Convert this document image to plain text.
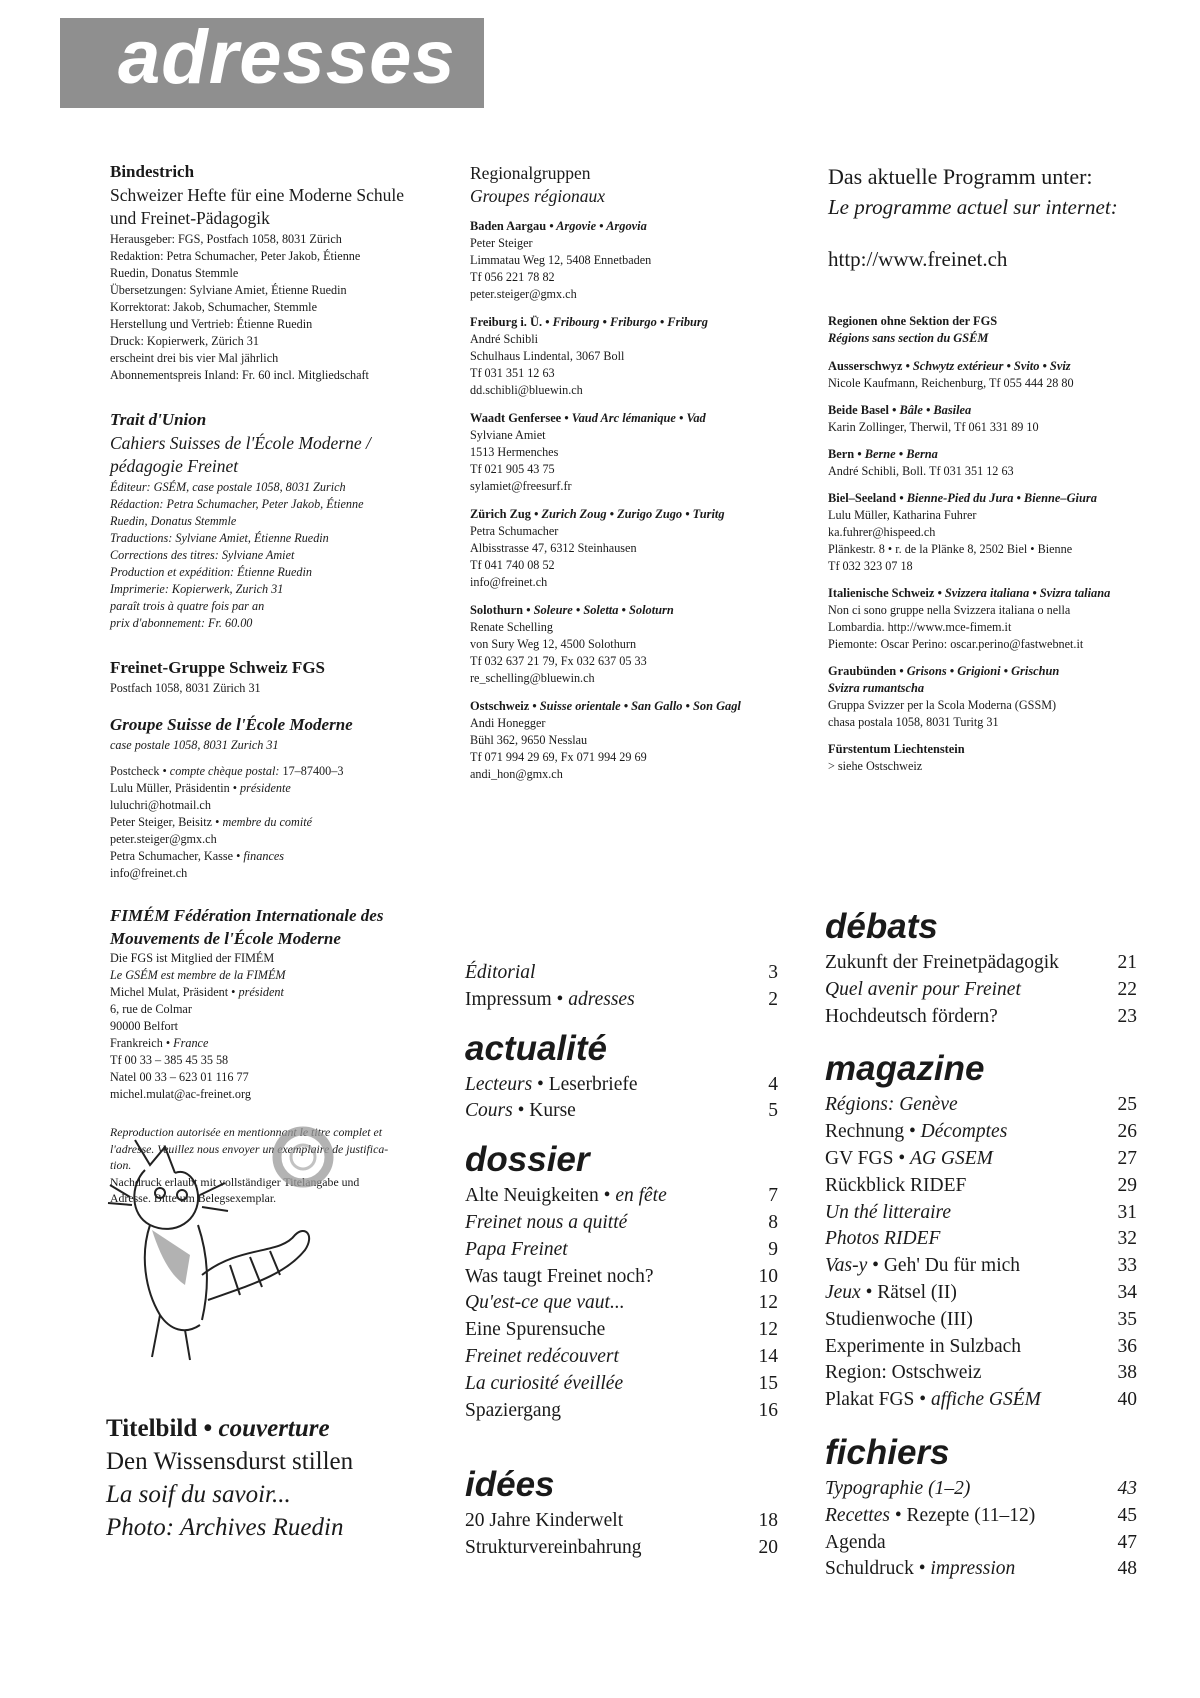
adresses
Bindestrich
Schweizer Hefte für eine Moderne Schule
und Freinet-Pädagogik
Herausgeber: FGS, Postfach 1058, 8031 Zürich
Redaktion: Petra Schumacher, Peter Jakob, Étienne
Ruedin, Donatus Stemmle
Übersetzungen: Sylviane Amiet, Étienne Ruedin
Korrektorat: Jakob, Schumacher, Stemmle
Herstellung und Vertrieb: Étienne Ruedin
Druck: Kopierwerk, Zürich 31
erscheint drei bis vier Mal jährlich
Abonnementspreis Inland: Fr. 60 incl. Mitgliedschaft
Trait d'Union
Cahiers Suisses de l'École Moderne /
pédagogie Freinet
Éditeur: GSÉM, case postale 1058, 8031 Zurich
Rédaction: Petra Schumacher, Peter Jakob, Étienne
Ruedin, Donatus Stemmle
Traductions: Sylviane Amiet, Étienne Ruedin
Corrections des titres: Sylviane Amiet
Production et expédition: Étienne Ruedin
Imprimerie: Kopierwerk, Zurich 31
paraît trois à quatre fois par an
prix d'abonnement: Fr. 60.00
Freinet-Gruppe Schweiz FGS
Postfach 1058, 8031 Zürich 31
Groupe Suisse de l'École Moderne
case postale 1058, 8031 Zurich 31
Postcheck • compte chèque postal: 17–87400–3
Lulu Müller, Präsidentin • présidente
luluchri@hotmail.ch
Peter Steiger, Beisitz • membre du comité
peter.steiger@gmx.ch
Petra Schumacher, Kasse • finances
info@freinet.ch
FIMÉM Fédération Internationale des
Mouvements de l'École Moderne
Die FGS ist Mitglied der FIMÉM
Le GSÉM est membre de la FIMÉM
Michel Mulat, Präsident • président
6, rue de Colmar
90000 Belfort
Frankreich • France
Tf 00 33 – 385 45 35 58
Natel 00 33 – 623 01 116 77
michel.mulat@ac-freinet.org
Reproduction autorisée en mentionnant le titre complet et
l'adresse. Veuillez nous envoyer un exemplaire de justifica-
tion.
Nachdruck erlaubt mit vollständiger Titelangabe und
Adresse. Bitte um Belegsexemplar.
Titelbild • couverture
Den Wissensdurst stillen
La soif du savoir...
Photo: Archives Ruedin
Regionalgruppen
Groupes régionaux
Baden Aargau • Argovie • Argovia
Peter Steiger
Limmatau Weg 12, 5408 Ennetbaden
Tf 056 221 78 82
peter.steiger@gmx.ch
Freiburg i. Ü. • Fribourg • Friburgo • Friburg
André Schibli
Schulhaus Lindental, 3067 Boll
Tf 031 351 12 63
dd.schibli@bluewin.ch
Waadt Genfersee • Vaud Arc lémanique • Vad
Sylviane Amiet
1513 Hermenches
Tf 021 905 43 75
sylamiet@freesurf.fr
Zürich Zug • Zurich Zoug • Zurigo Zugo • Turitg
Petra Schumacher
Albisstrasse 47, 6312 Steinhausen
Tf 041 740 08 52
info@freinet.ch
Solothurn • Soleure • Soletta • Soloturn
Renate Schelling
von Sury Weg 12, 4500 Solothurn
Tf 032 637 21 79, Fx 032 637 05 33
re_schelling@bluewin.ch
Ostschweiz • Suisse orientale • San Gallo • Son Gagl
Andi Honegger
Bühl 362, 9650 Nesslau
Tf 071 994 29 69, Fx 071 994 29 69
andi_hon@gmx.ch
Das aktuelle Programm unter:
Le programme actuel sur internet:
http://www.freinet.ch
Regionen ohne Sektion der FGS
Régions sans section du GSÉM
Ausserschwyz • Schwytz extérieur • Svito • Sviz
Nicole Kaufmann, Reichenburg, Tf 055 444 28 80
Beide Basel • Bâle • Basilea
Karin Zollinger, Therwil, Tf 061 331 89 10
Bern • Berne • Berna
André Schibli, Boll. Tf 031 351 12 63
Biel–Seeland • Bienne-Pied du Jura • Bienne–Giura
Lulu Müller, Katharina Fuhrer
ka.fuhrer@hispeed.ch
Plänkestr. 8 • r. de la Plänke 8, 2502 Biel • Bienne
Tf 032 323 07 18
Italienische Schweiz • Svizzera italiana • Svizra taliana
Non ci sono gruppe nella Svizzera italiana o nella
Lombardia. http://www.mce-fimem.it
Piemonte: Oscar Perino: oscar.perino@fastwebnet.it
Graubünden • Grisons • Grigioni • Grischun
Svizra rumantscha
Gruppa Svizzer per la Scola Moderna (GSSM)
chasa postala 1058, 8031 Turitg 31
Fürstentum Liechtenstein
> siehe Ostschweiz
Éditorial	3
Impressum • adresses	2
actualité
Lecteurs • Leserbriefe	4
Cours • Kurse	5
dossier
Alte Neuigkeiten • en fête	7
Freinet nous a quitté	8
Papa Freinet	9
Was taugt Freinet noch?	10
Qu'est-ce que vaut...	12
Eine Spurensuche	12
Freinet redécouvert	14
La curiosité éveillée	15
Spaziergang	16
idées
20 Jahre Kinderwelt	18
Strukturvereinbahrung	20
débats
Zukunft der Freinetpädagogik	21
Quel avenir pour Freinet	22
Hochdeutsch fördern?	23
magazine
Régions: Genève	25
Rechnung • Décomptes	26
GV FGS • AG GSEM	27
Rückblick RIDEF	29
Un thé litteraire	31
Photos RIDEF	32
Vas-y • Geh' Du für mich	33
Jeux • Rätsel (II)	34
Studienwoche (III)	35
Experimente in Sulzbach	36
Region: Ostschweiz	38
Plakat FGS • affiche GSÉM	40
fichiers
Typographie (1–2)	43
Recettes • Rezepte (11–12)	45
Agenda	47
Schuldruck • impression	48
